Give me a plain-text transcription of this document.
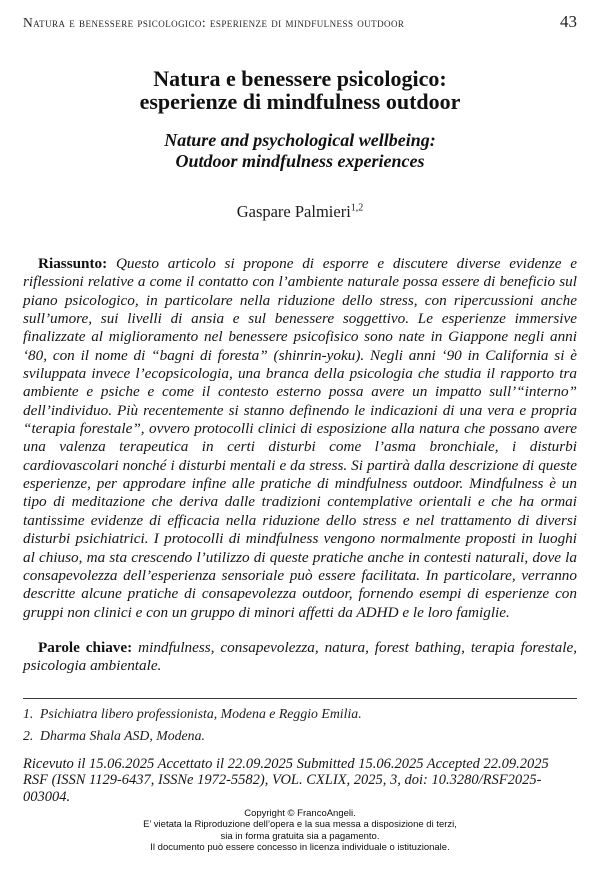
Natura e benessere psicologico: esperienze di mindfulness outdoor	43
Natura e benessere psicologico:
esperienze di mindfulness outdoor
Nature and psychological wellbeing:
Outdoor mindfulness experiences
Gaspare Palmieri$^{1,2}$

Riassunto: Questo articolo si propone di esporre e discutere diverse evidenze e riflessioni relative a come il contatto con l’ambiente naturale possa essere di beneficio sul piano psicologico, in particolare nella riduzione dello stress, con ripercussioni anche sull’umore, sui livelli di ansia e sul benessere soggettivo. Le esperienze immersive finalizzate al miglioramento nel benessere psicofisico sono nate in Giappone negli anni ‘80, con il nome di “bagni di foresta” (shinrin-yoku). Negli anni ‘90 in California si è sviluppata invece l’ecopsicologia, una branca della psicologia che studia il rapporto tra ambiente e psiche e come il contesto esterno possa avere un impatto sull’“interno” dell’individuo. Più recentemente si stanno definendo le indicazioni di una vera e propria “terapia forestale”, ovvero protocolli clinici di esposizione alla natura che possano avere una valenza terapeutica in certi disturbi come l’asma bronchiale, i disturbi cardiovascolari nonché i disturbi mentali e da stress. Si partirà dalla descrizione di queste esperienze, per approdare infine alle pratiche di mindfulness outdoor. Mindfulness è un tipo di meditazione che deriva dalle tradizioni contemplative orientali e che ha ormai tantissime evidenze di efficacia nella riduzione dello stress e nel trattamento di diversi disturbi psichiatrici. I protocolli di mindfulness vengono normalmente proposti in luoghi al chiuso, ma sta crescendo l’utilizzo di queste pratiche anche in contesti naturali, dove la consapevolezza dell’esperienza sensoriale può essere facilitata. In particolare, verranno descritte alcune pratiche di consapevolezza outdoor, fornendo esempi di esperienze con gruppi non clinici e con un gruppo di minori affetti da ADHD e le loro famiglie.

Parole chiave: mindfulness, consapevolezza, natura, forest bathing, terapia forestale, psicologia ambientale.

1. Psichiatra libero professionista, Modena e Reggio Emilia.
2. Dharma Shala ASD, Modena.
Ricevuto il 15.06.2025 Accettato il 22.09.2025 Submitted 15.06.2025 Accepted 22.09.2025
RSF (ISSN 1129-6437, ISSNe 1972-5582), VOL. CXLIX, 2025, 3, doi: 10.3280/RSF2025-003004.
Copyright © FrancoAngeli.
E’ vietata la Riproduzione dell’opera e la sua messa a disposizione di terzi,
sia in forma gratuita sia a pagamento.
Il documento può essere concesso in licenza individuale o istituzionale.
